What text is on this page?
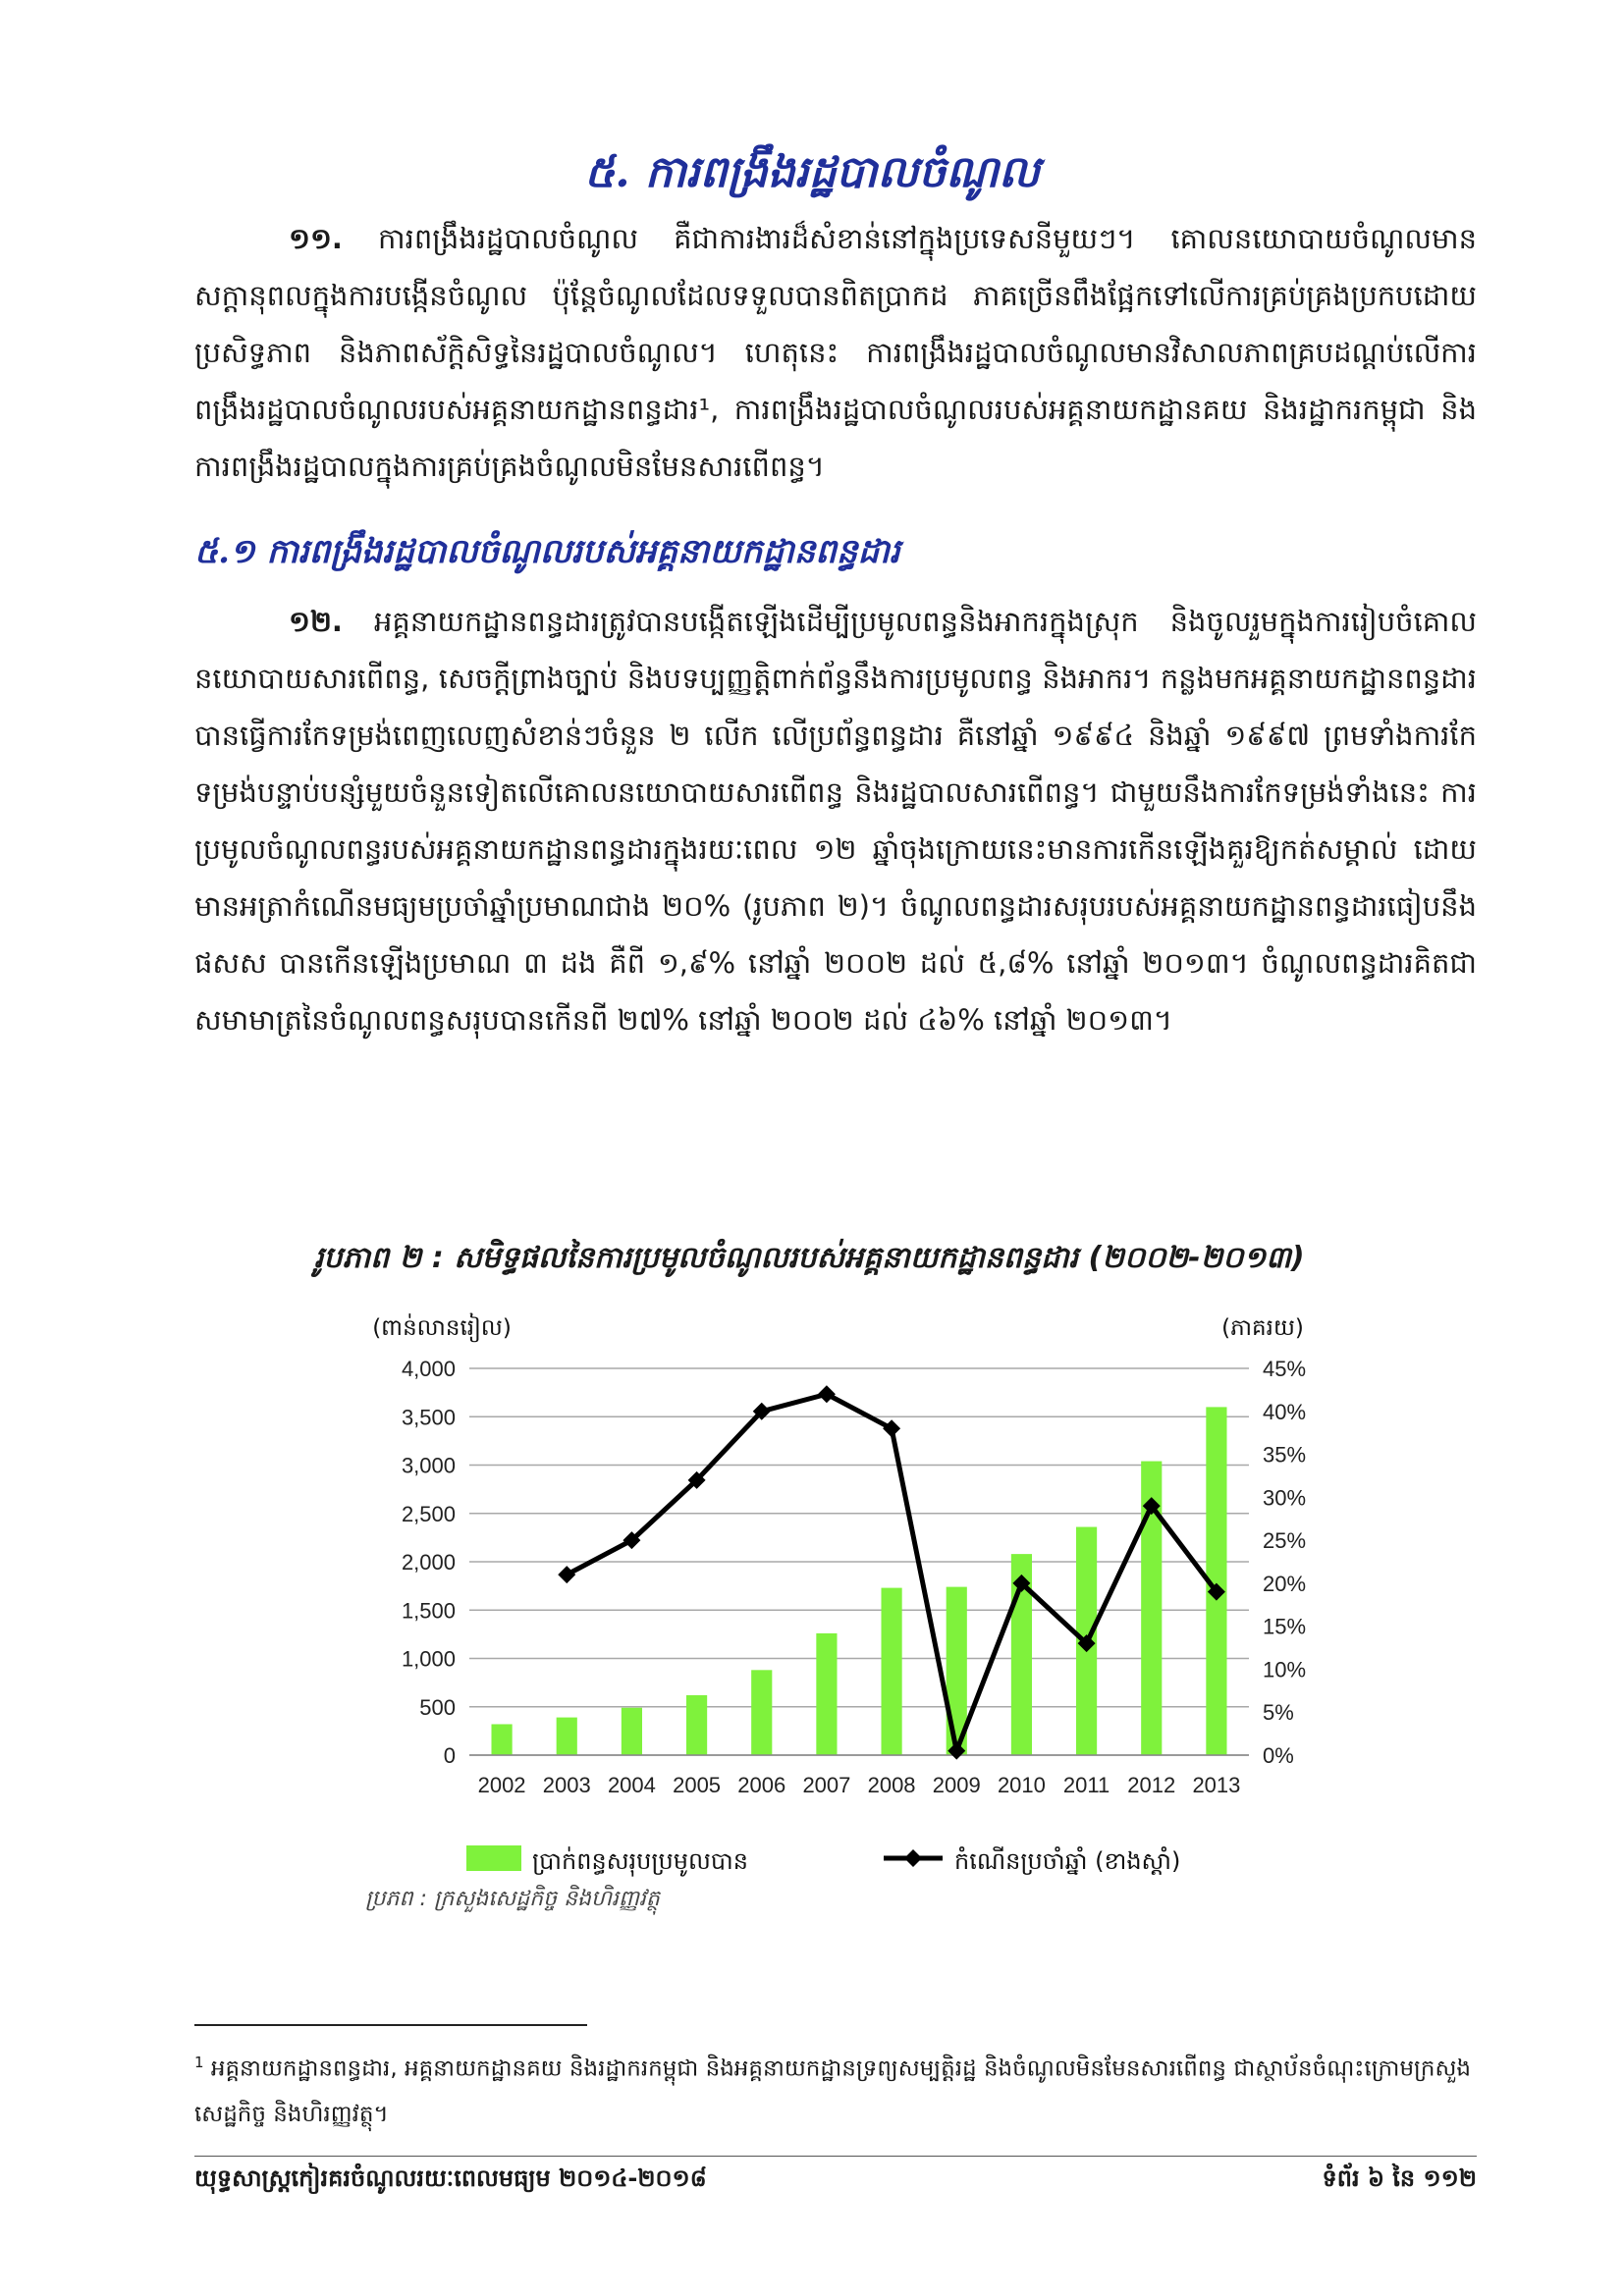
៥. ការពង្រឹងរដ្ឋបាលចំណូល

១១. ការពង្រឹងរដ្ឋបាលចំណូល គឺជាការងារដ៏សំខាន់នៅក្នុងប្រទេសនីមួយៗ។ គោលនយោបាយចំណូលមានសក្ដានុពលក្នុងការបង្កើនចំណូល ប៉ុន្តែចំណូលដែលទទួលបានពិតប្រាកដ ភាគច្រើនពឹងផ្អែកទៅលើការគ្រប់គ្រងប្រកបដោយប្រសិទ្ធភាព និងភាពស័ក្តិសិទ្ធនៃរដ្ឋបាលចំណូល។ ហេតុនេះ ការពង្រឹងរដ្ឋបាលចំណូលមានវិសាលភាពគ្របដណ្តប់លើការពង្រឹងរដ្ឋបាលចំណូលរបស់អគ្គនាយកដ្ឋានពន្ធដារ¹, ការពង្រឹងរដ្ឋបាលចំណូលរបស់អគ្គនាយកដ្ឋានគយ និងរដ្ឋាករកម្ពុជា និងការពង្រឹងរដ្ឋបាលក្នុងការគ្រប់គ្រងចំណូលមិនមែនសារពើពន្ធ។

៥.១ ការពង្រឹងរដ្ឋបាលចំណូលរបស់អគ្គនាយកដ្ឋានពន្ធដារ

១២. អគ្គនាយកដ្ឋានពន្ធដារត្រូវបានបង្កើតឡើងដើម្បីប្រមូលពន្ធនិងអាករក្នុងស្រុក និងចូលរួមក្នុងការរៀបចំគោលនយោបាយសារពើពន្ធ, សេចក្តីព្រាងច្បាប់ និងបទប្បញ្ញត្តិពាក់ព័ន្ធនឹងការប្រមូលពន្ធ និងអាករ។ កន្លងមកអគ្គនាយកដ្ឋានពន្ធដារបានធ្វើការកែទម្រង់ពេញលេញសំខាន់ៗចំនួន ២ លើក លើប្រព័ន្ធពន្ធដារ គឺនៅឆ្នាំ ១៩៩៤ និងឆ្នាំ ១៩៩៧ ព្រមទាំងការកែទម្រង់បន្ទាប់បន្សំមួយចំនួនទៀតលើគោលនយោបាយសារពើពន្ធ និងរដ្ឋបាលសារពើពន្ធ។ ជាមួយនឹងការកែទម្រង់ទាំងនេះ ការប្រមូលចំណូលពន្ធរបស់អគ្គនាយកដ្ឋានពន្ធដារក្នុងរយៈពេល ១២ ឆ្នាំចុងក្រោយនេះមានការកើនឡើងគួរឱ្យកត់សម្គាល់ ដោយមានអត្រាកំណើនមធ្យមប្រចាំឆ្នាំប្រមាណជាង ២០% (រូបភាព ២)។ ចំណូលពន្ធដារសរុបរបស់អគ្គនាយកដ្ឋានពន្ធដារធៀបនឹង ផសស បានកើនឡើងប្រមាណ ៣ ដង គឺពី ១,៩% នៅឆ្នាំ ២០០២ ដល់ ៥,៨% នៅឆ្នាំ ២០១៣។ ចំណូលពន្ធដារគិតជាសមាមាត្រនៃចំណូលពន្ធសរុបបានកើនពី ២៧% នៅឆ្នាំ ២០០២ ដល់ ៤៦% នៅឆ្នាំ ២០១៣។

រូបភាព ២ : សមិទ្ធផលនៃការប្រមូលចំណូលរបស់អគ្គនាយកដ្ឋានពន្ធដារ (២០០២-២០១៣)
0
500
1,000
1,500
2,000
2,500
3,000
3,500
4,000
0%
5%
10%
15%
20%
25%
30%
35%
40%
45%
(ពាន់លានរៀល)	(ភាគរយ)
2002 2003 2004 2005 2006 2007 2008 2009 2010 2011 2012 2013
ប្រាក់ពន្ធសរុបប្រមូលបាន	កំណើនប្រចាំឆ្នាំ (ខាងស្តាំ)
ប្រភព : ក្រសួងសេដ្ឋកិច្ច និងហិរញ្ញវត្ថុ

$^1$ អគ្គនាយកដ្ឋានពន្ធដារ, អគ្គនាយកដ្ឋានគយ និងរដ្ឋាករកម្ពុជា និងអគ្គនាយកដ្ឋានទ្រព្យសម្បត្តិរដ្ឋ និងចំណូលមិនមែនសារពើពន្ធ ជាស្ថាប័នចំណុះក្រោមក្រសួងសេដ្ឋកិច្ច និងហិរញ្ញវត្ថុ។

យុទ្ធសាស្ត្រកៀរគរចំណូលរយៈពេលមធ្យម ២០១៤-២០១៨	ទំព័រ ៦ នៃ ១១២
